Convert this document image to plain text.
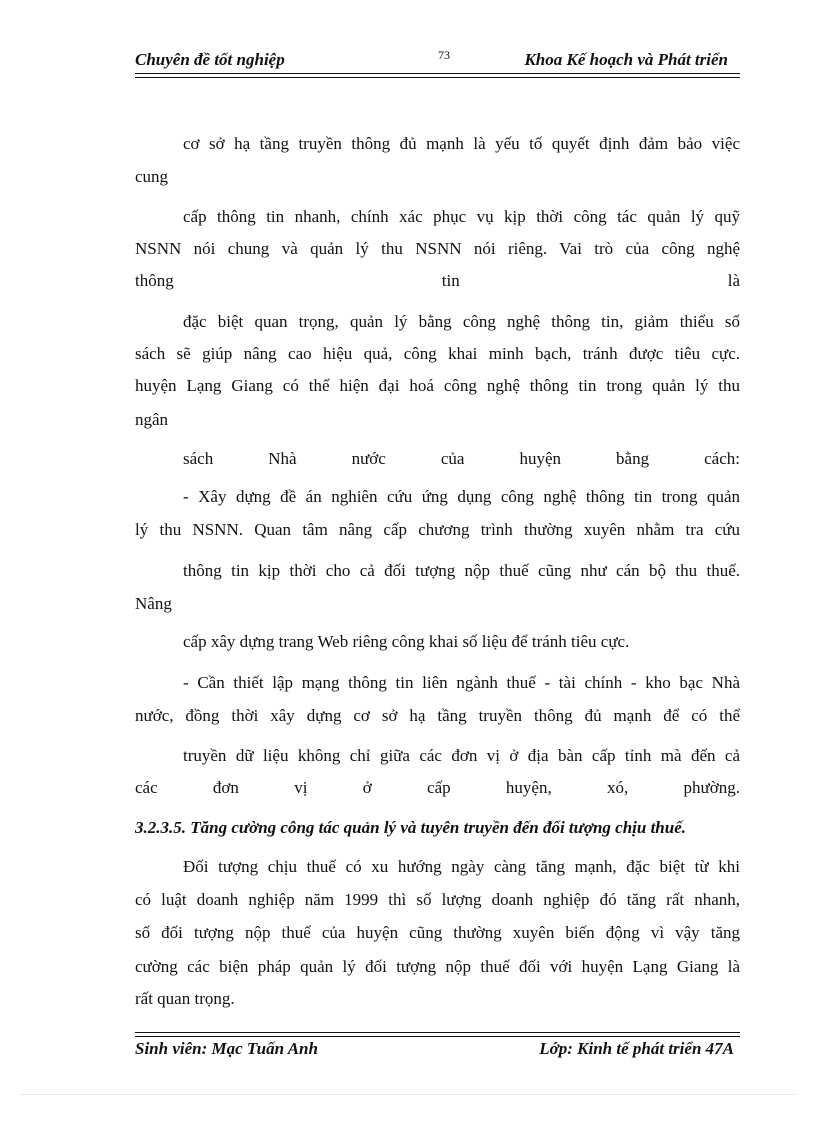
Chuyên đề tốt nghiệp	73	Khoa Kế hoạch và Phát triển
cơ sở hạ tầng truyền thông đủ mạnh là yếu tố quyết định đảm bảo việc
cung
cấp thông tin nhanh, chính xác phục vụ kịp thời công tác quản lý quỹ
NSNN nói chung và quản lý thu NSNN nói riêng. Vai trò của công nghệ
thông tin là
đặc biệt quan trọng, quản lý bằng công nghệ thông tin, giảm thiểu sổ
sách sẽ giúp nâng cao hiệu quả, công khai minh bạch, tránh được tiêu cực.
huyện Lạng Giang có thể hiện đại hoá công nghệ thông tin trong quản lý thu
ngân
sách Nhà nước của huyện bằng cách:
- Xây dựng đề án nghiên cứu ứng dụng công nghệ thông tin trong quản
lý thu NSNN. Quan tâm nâng cấp chương trình thường xuyên nhằm tra cứu
thông tin kịp thời cho cả đối tượng nộp thuế cũng như cán bộ thu thuế.
Nâng
cấp xây dựng trang Web riêng công khai số liệu để tránh tiêu cực.
- Cần thiết lập mạng thông tin liên ngành thuế - tài chính - kho bạc Nhà
nước, đồng thời xây dựng cơ sở hạ tầng truyền thông đủ mạnh để có thể
truyền dữ liệu không chỉ giữa các đơn vị ở địa bàn cấp tỉnh mà đến cả
các đơn vị ở cấp huyện, xó, phường.
3.2.3.5. Tăng cường công tác quản lý và tuyên truyền đến đối tượng chịu thuế.
Đối tượng chịu thuế có xu hướng ngày càng tăng mạnh, đặc biệt từ khi
có luật doanh nghiệp năm 1999 thì số lượng doanh nghiệp đó tăng rất nhanh,
số đối tượng nộp thuế của huyện cũng thường xuyên biến động vì vậy tăng
cường các biện pháp quản lý đối tượng nộp thuế đối với huyện Lạng Giang là
rất quan trọng.
Sinh viên: Mạc Tuấn Anh	Lớp: Kinh tế phát triển 47A
